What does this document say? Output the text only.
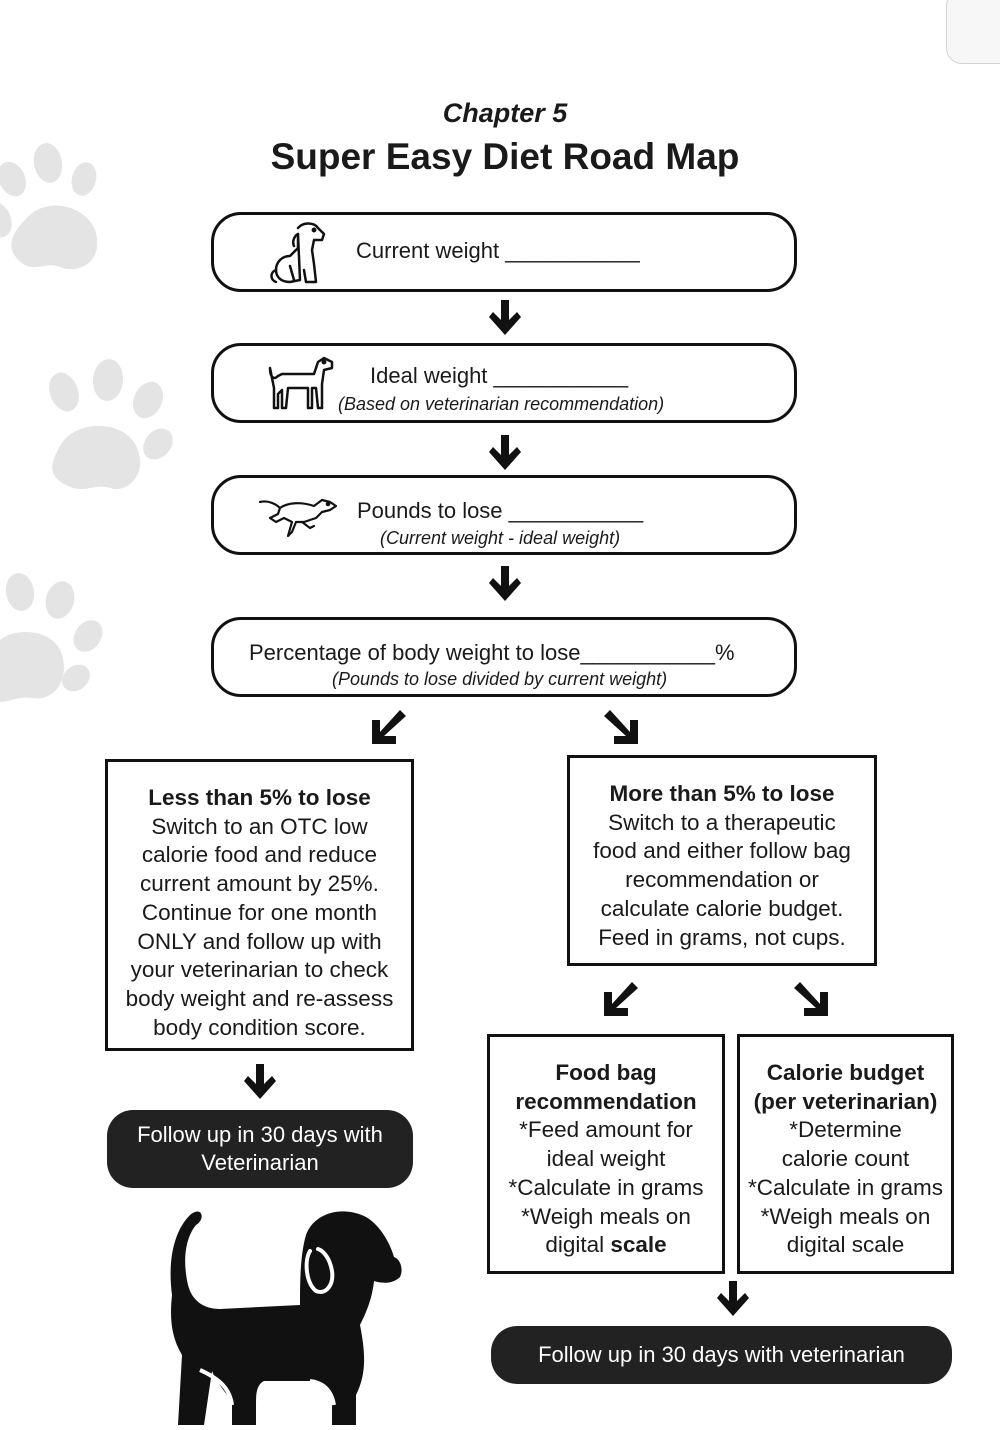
Chapter 5
Super Easy Diet Road Map
Current weight ___________
Ideal weight ___________
(Based on veterinarian recommendation)
Pounds to lose ___________
(Current weight - ideal weight)
Percentage of body weight to lose___________%
(Pounds to lose divided by current weight)
Less than 5% to lose
Switch to an OTC low
calorie food and reduce
current amount by 25%.
Continue for one month
ONLY and follow up with
your veterinarian to check
body weight and re-assess
body condition score.
Follow up in 30 days with
Veterinarian
More than 5% to lose
Switch to a therapeutic
food and either follow bag
recommendation or
calculate calorie budget.
Feed in grams, not cups.
Food bag
recommendation
*Feed amount for
ideal weight
*Calculate in grams
*Weigh meals on
digital scale
Calorie budget
(per veterinarian)
*Determine
calorie count
*Calculate in grams
*Weigh meals on
digital scale
Follow up in 30 days with veterinarian
